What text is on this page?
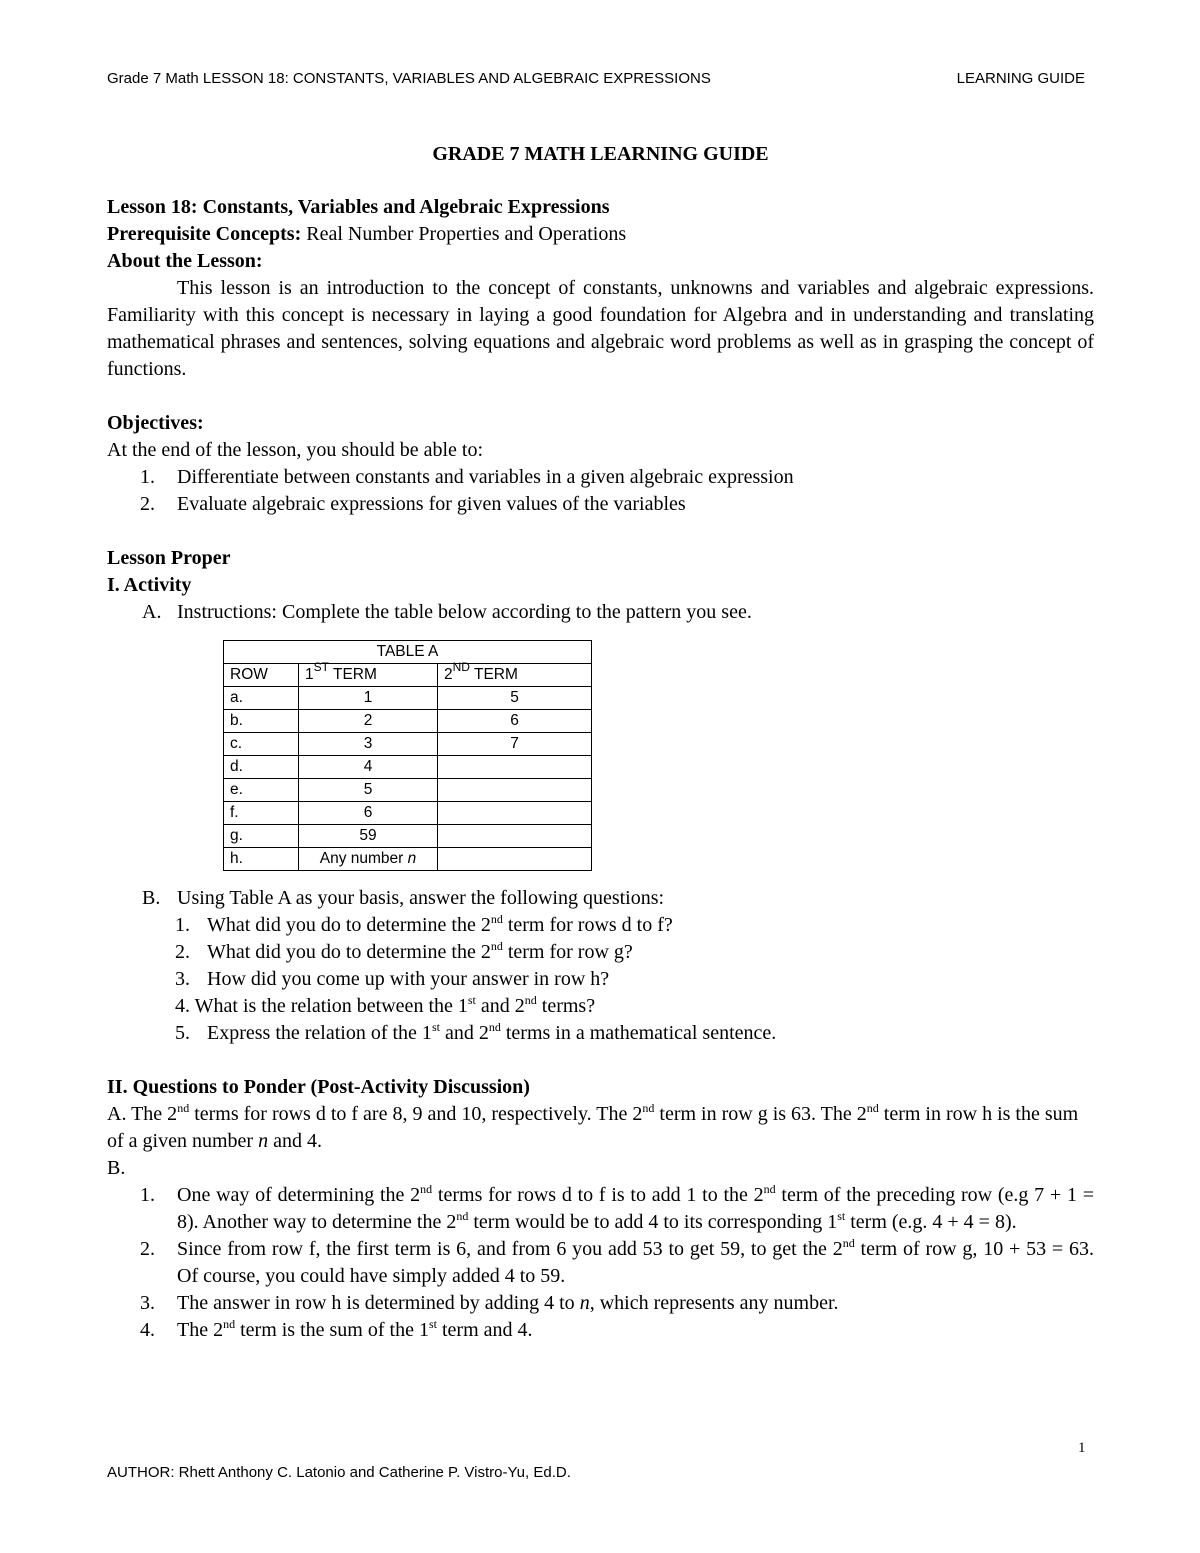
Grade 7 Math LESSON 18: CONSTANTS, VARIABLES AND ALGEBRAIC EXPRESSIONS	LEARNING GUIDE
GRADE 7 MATH LEARNING GUIDE

Lesson 18: Constants, Variables and Algebraic Expressions

Prerequisite Concepts: Real Number Properties and Operations

About the Lesson:

This lesson is an introduction to the concept of constants, unknowns and variables and algebraic expressions. Familiarity with this concept is necessary in laying a good foundation for Algebra and in understanding and translating mathematical phrases and sentences, solving equations and algebraic word problems as well as in grasping the concept of functions.

Objectives:

At the end of the lesson, you should be able to:

1. Differentiate between constants and variables in a given algebraic expression
2. Evaluate algebraic expressions for given values of the variables

Lesson Proper

I. Activity

A. Instructions: Complete the table below according to the pattern you see.
TABLE A		
ROW	1ST TERM	2ND TERM
a.	1	5
b.	2	6
c.	3	7
d.	4	
e.	5	
f.	6	
g.	59	
h.	Any number n	
B. Using Table A as your basis, answer the following questions:
1. What did you do to determine the 2nd term for rows d to f?
2. What did you do to determine the 2nd term for row g?
3. How did you come up with your answer in row h?
4. What is the relation between the 1st and 2nd terms?
5. Express the relation of the 1st and 2nd terms in a mathematical sentence.

II. Questions to Ponder (Post-Activity Discussion)

A. The 2nd terms for rows d to f are 8, 9 and 10, respectively. The 2nd term in row g is 63. The 2nd term in row h is the sum of a given number n and 4.

B.

1. One way of determining the 2nd terms for rows d to f is to add 1 to the 2nd term of the preceding row (e.g 7 + 1 = 8). Another way to determine the 2nd term would be to add 4 to its corresponding 1st term (e.g. 4 + 4 = 8).
2. Since from row f, the first term is 6, and from 6 you add 53 to get 59, to get the 2nd term of row g, 10 + 53 = 63. Of course, you could have simply added 4 to 59.
3. The answer in row h is determined by adding 4 to n, which represents any number.
4. The 2nd term is the sum of the 1st term and 4.
1
AUTHOR: Rhett Anthony C. Latonio and Catherine P. Vistro-Yu, Ed.D.
